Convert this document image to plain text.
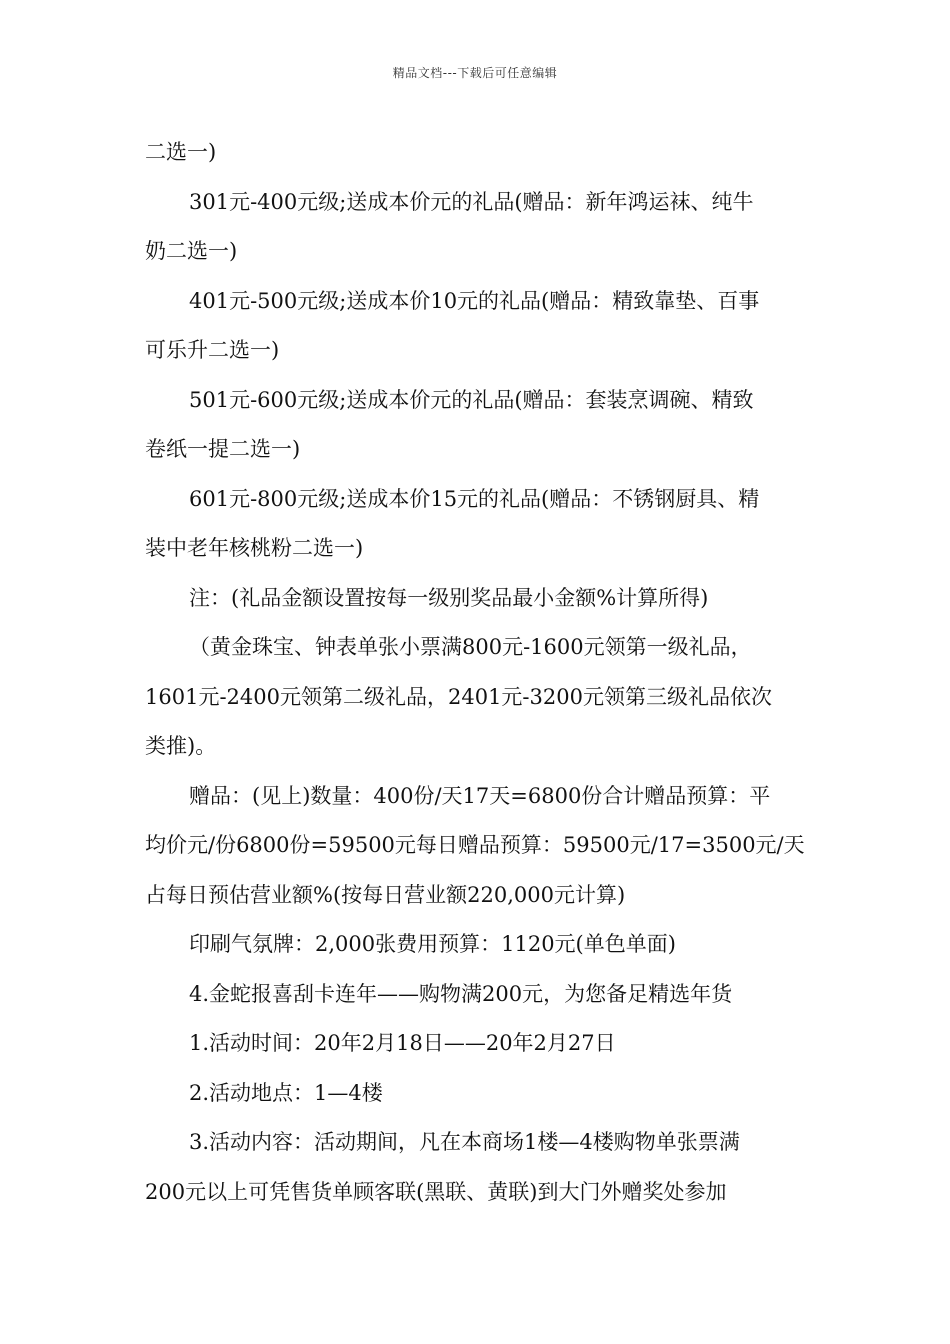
精品文档---下载后可任意编辑
二选一)
301元-400元级;送成本价元的礼品(赠品：新年鸿运袜、纯牛
奶二选一)
401元-500元级;送成本价10元的礼品(赠品：精致靠垫、百事
可乐升二选一)
501元-600元级;送成本价元的礼品(赠品：套装烹调碗、精致
卷纸一提二选一)
601元-800元级;送成本价15元的礼品(赠品：不锈钢厨具、精
装中老年核桃粉二选一)
注：(礼品金额设置按每一级别奖品最小金额%计算所得)
（黄金珠宝、钟表单张小票满800元-1600元领第一级礼品，
1601元-2400元领第二级礼品，2401元-3200元领第三级礼品依次
类推)。
赠品：(见上)数量：400份/天17天=6800份合计赠品预算：平
均价元/份6800份=59500元每日赠品预算：59500元/17=3500元/天
占每日预估营业额%(按每日营业额220,000元计算)
印刷气氛牌：2,000张费用预算：1120元(单色单面)
4.金蛇报喜刮卡连年——购物满200元，为您备足精选年货
1.活动时间：20年2月18日——20年2月27日
2.活动地点：1—4楼
3.活动内容：活动期间，凡在本商场1楼—4楼购物单张票满
200元以上可凭售货单顾客联(黑联、黄联)到大门外赠奖处参加
